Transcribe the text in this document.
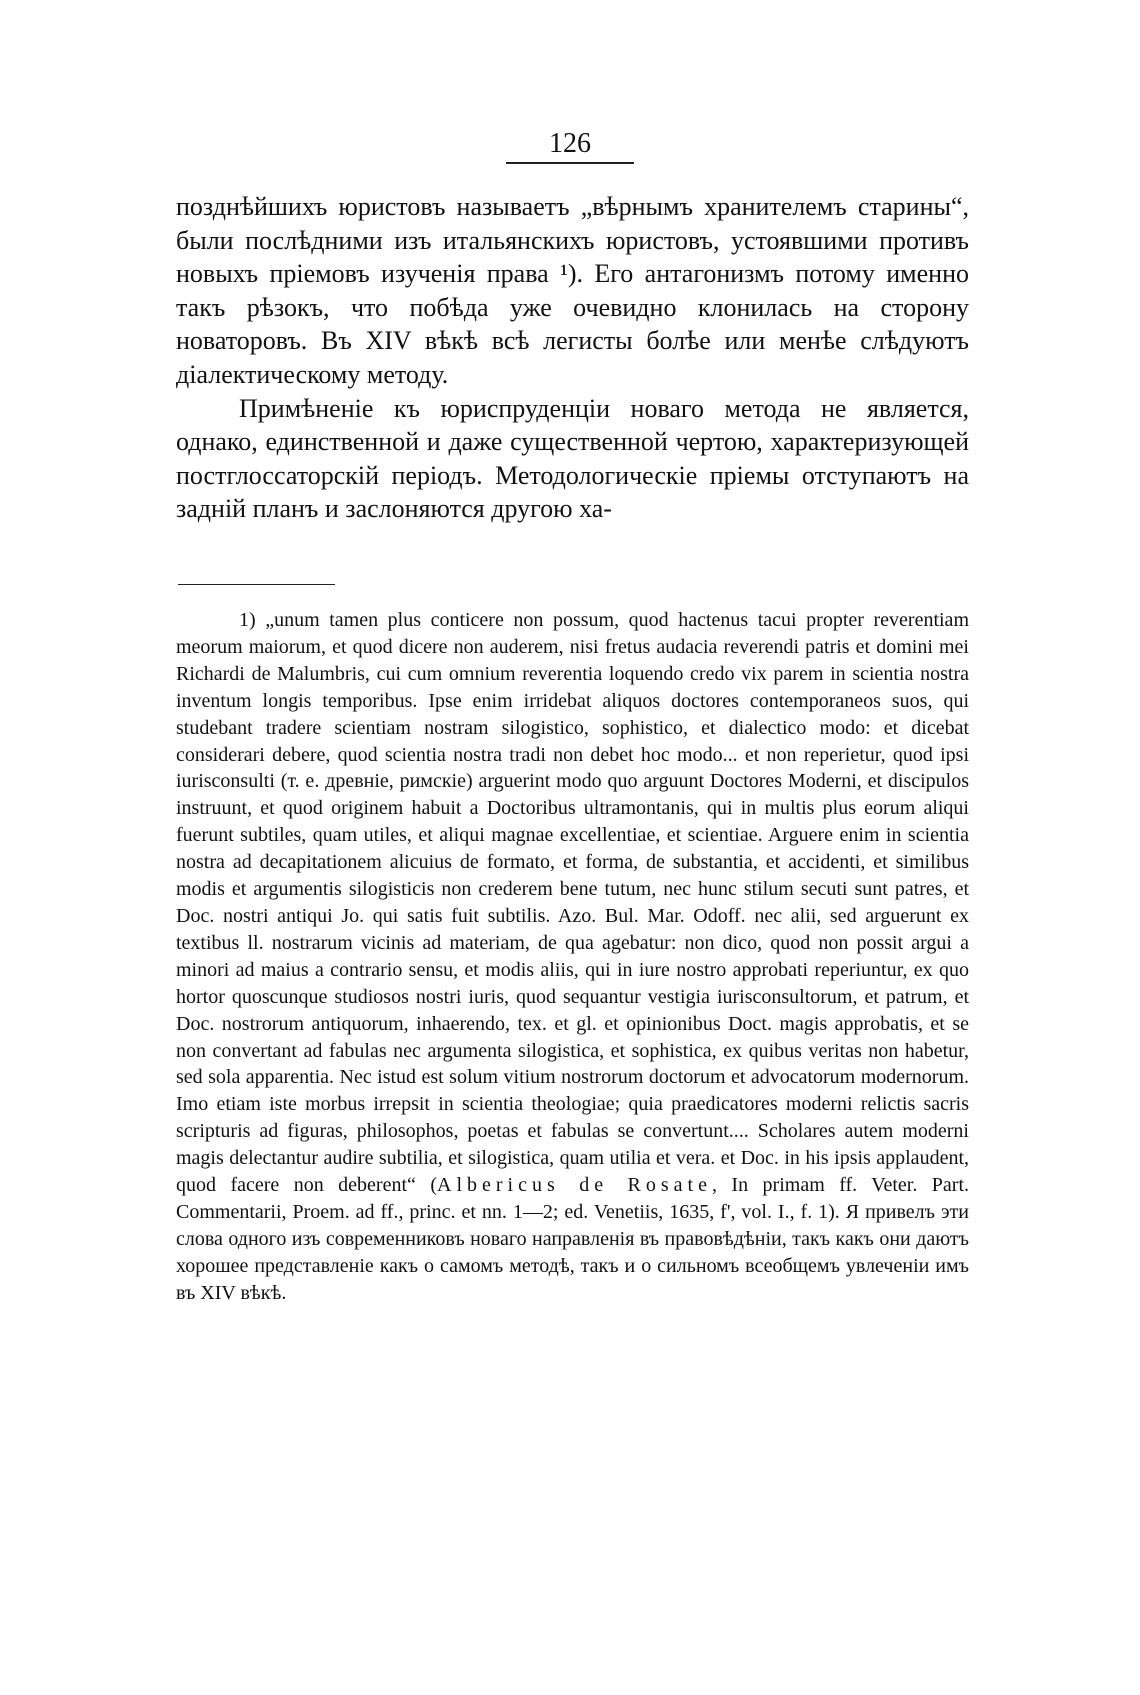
126

позднѣйшихъ юристовъ называетъ „вѣрнымъ хранителемъ старины“, были послѣдними изъ итальянскихъ юристовъ, устоявшими противъ новыхъ пріемовъ изученія права ¹). Его антагонизмъ потому именно такъ рѣзокъ, что побѣда уже очевидно клонилась на сторону новаторовъ. Въ XIV вѣкѣ всѣ легисты болѣе или менѣе слѣдуютъ діалектическому методу.

Примѣненіе къ юриспруденціи новаго метода не является, однако, единственной и даже существенной чертою, характеризующей постглоссаторскій періодъ. Методологическіе пріемы отступаютъ на задній планъ и заслоняются другою ха-

1) „unum tamen plus conticere non possum, quod hactenus tacui propter reverentiam meorum maiorum, et quod dicere non auderem, nisi fretus audacia reverendi patris et domini mei Richardi de Malumbris, cui cum omnium reverentia loquendo credo vix parem in scientia nostra inventum longis temporibus. Ipse enim irridebat aliquos doctores contemporaneos suos, qui studebant tradere scientiam nostram silogistico, sophistico, et dialectico modo: et dicebat considerari debere, quod scientia nostra tradi non debet hoc modo... et non reperietur, quod ipsi iurisconsulti (т. е. древніе, римскіе) arguerint modo quo arguunt Doctores Moderni, et discipulos instruunt, et quod originem habuit a Doctoribus ultramontanis, qui in multis plus eorum aliqui fuerunt subtiles, quam utiles, et aliqui magnae excellentiae, et scientiae. Arguere enim in scientia nostra ad decapitationem alicuius de formato, et forma, de substantia, et accidenti, et similibus modis et argumentis silogisticis non crederem bene tutum, nec hunc stilum secuti sunt patres, et Doc. nostri antiqui Jo. qui satis fuit subtilis. Azo. Bul. Mar. Odoff. nec alii, sed arguerunt ex textibus ll. nostrarum vicinis ad materiam, de qua agebatur: non dico, quod non possit argui a minori ad maius a contrario sensu, et modis aliis, qui in iure nostro approbati reperiuntur, ex quo hortor quoscunque studiosos nostri iuris, quod sequantur vestigia iurisconsultorum, et patrum, et Doc. nostrorum antiquorum, inhaerendo, tex. et gl. et opinionibus Doct. magis approbatis, et se non convertant ad fabulas nec argumenta silogistica, et sophistica, ex quibus veritas non habetur, sed sola apparentia. Nec istud est solum vitium nostrorum doctorum et advocatorum modernorum. Imo etiam iste morbus irrepsit in scientia theologiae; quia praedicatores moderni relictis sacris scripturis ad figuras, philosophos, poetas et fabulas se convertunt.... Scholares autem moderni magis delectantur audire subtilia, et silogistica, quam utilia et vera. et Doc. in his ipsis applaudent, quod facere non deberent“ (Albericus de Rosate, In primam ff. Veter. Part. Commentarii, Proem. ad ff., princ. et nn. 1—2; ed. Venetiis, 1635, f', vol. I., f. 1). Я привелъ эти слова одного изъ современниковъ новаго направленія въ правовѣдѣніи, такъ какъ они даютъ хорошее представленіе какъ о самомъ методѣ, такъ и о сильномъ всеобщемъ увлеченіи имъ въ XIV вѣкѣ.
